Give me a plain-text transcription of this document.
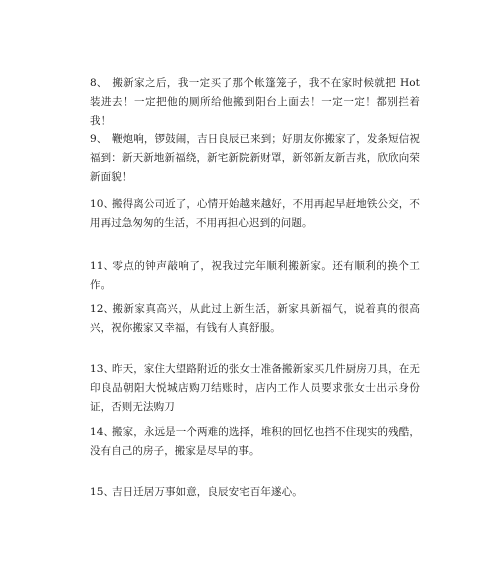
8、 搬新家之后，我一定买了那个帐篷笼子，我不在家时候就把 Hot 装进去！一定把他的厕所给他搬到阳台上面去！一定一定！都别拦着我！

9、 鞭炮响，锣鼓闹，吉日良辰已来到；好朋友你搬家了，发条短信祝福到：新天新地新福绕，新宅新院新财罩，新邻新友新吉兆，欣欣向荣新面貌！

10、搬得离公司近了，心情开始越来越好，不用再起早赶地铁公交，不用再过急匆匆的生活，不用再担心迟到的问题。

11、零点的钟声敲响了，祝我过完年顺利搬新家。还有顺利的换个工作。

12、搬新家真高兴，从此过上新生活，新家具新福气，说着真的很高兴，祝你搬家又幸福，有钱有人真舒服。

13、昨天，家住大望路附近的张女士准备搬新家买几件厨房刀具，在无印良品朝阳大悦城店购刀结账时，店内工作人员要求张女士出示身份证，否则无法购刀

14、搬家，永远是一个两难的选择，堆积的回忆也挡不住现实的残酷，没有自己的房子，搬家是尽早的事。

15、吉日迁居万事如意，良辰安宅百年遂心。
